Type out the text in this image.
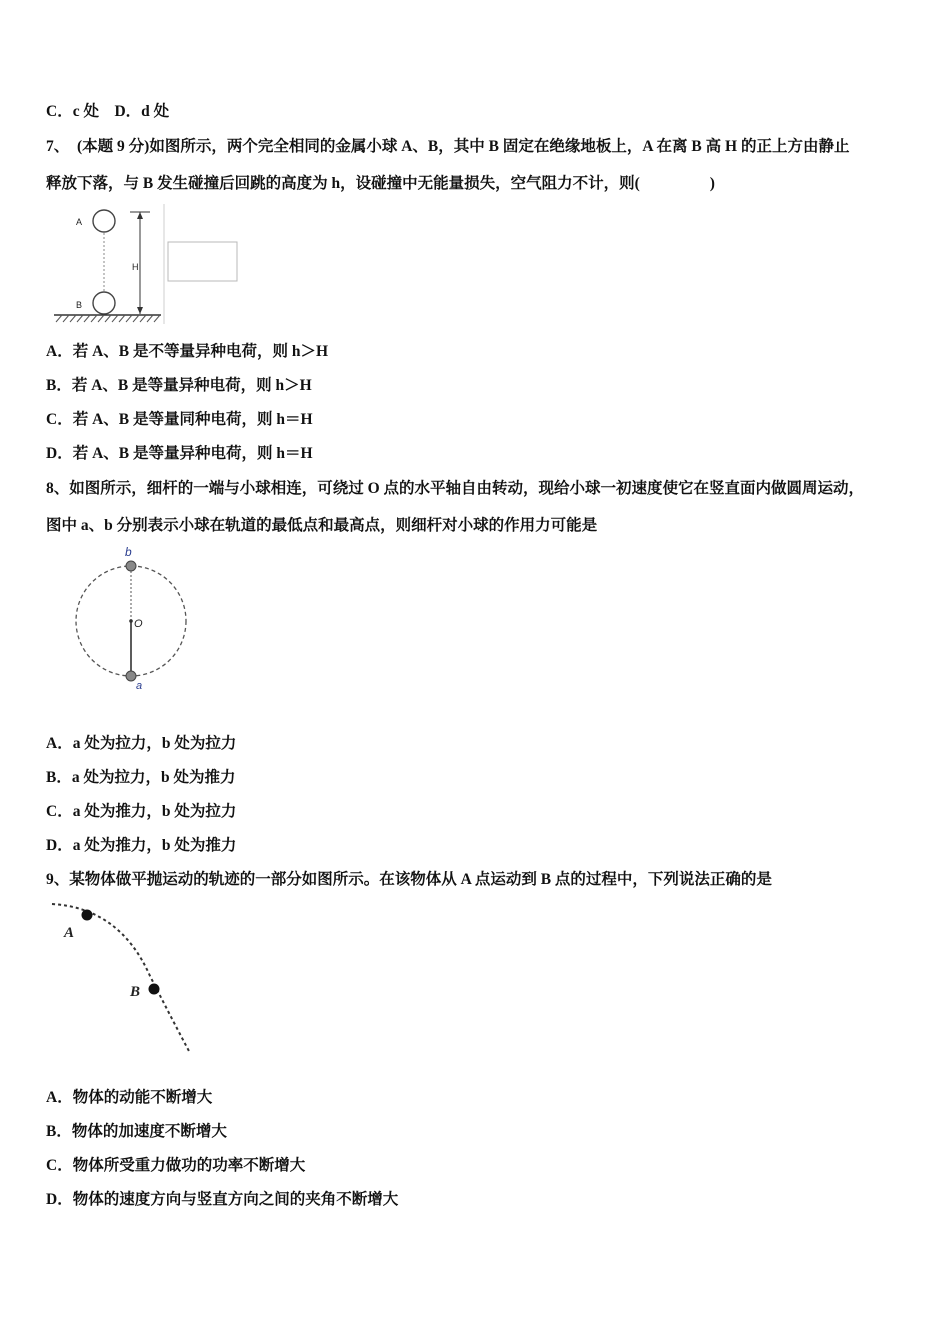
C．c 处 D．d 处
7、 (本题 9 分)如图所示，两个完全相同的金属小球 A、B，其中 B 固定在绝缘地板上，A 在离 B 高 H 的正上方由静止
释放下落，与 B 发生碰撞后回跳的高度为 h，设碰撞中无能量损失，空气阻力不计，则(	)
A
B
H
A．若 A、B 是不等量异种电荷，则 h＞H
B．若 A、B 是等量异种电荷，则 h＞H
C．若 A、B 是等量同种电荷，则 h＝H
D．若 A、B 是等量异种电荷，则 h＝H
8、如图所示，细杆的一端与小球相连，可绕过 O 点的水平轴自由转动，现给小球一初速度使它在竖直面内做圆周运动，
图中 a、b 分别表示小球在轨道的最低点和最高点，则细杆对小球的作用力可能是
b
O
a
A．a 处为拉力，b 处为拉力
B．a 处为拉力，b 处为推力
C．a 处为推力，b 处为拉力
D．a 处为推力，b 处为推力
9、某物体做平抛运动的轨迹的一部分如图所示。在该物体从 A 点运动到 B 点的过程中，下列说法正确的是
A
B
A．物体的动能不断增大
B．物体的加速度不断增大
C．物体所受重力做功的功率不断增大
D．物体的速度方向与竖直方向之间的夹角不断增大
